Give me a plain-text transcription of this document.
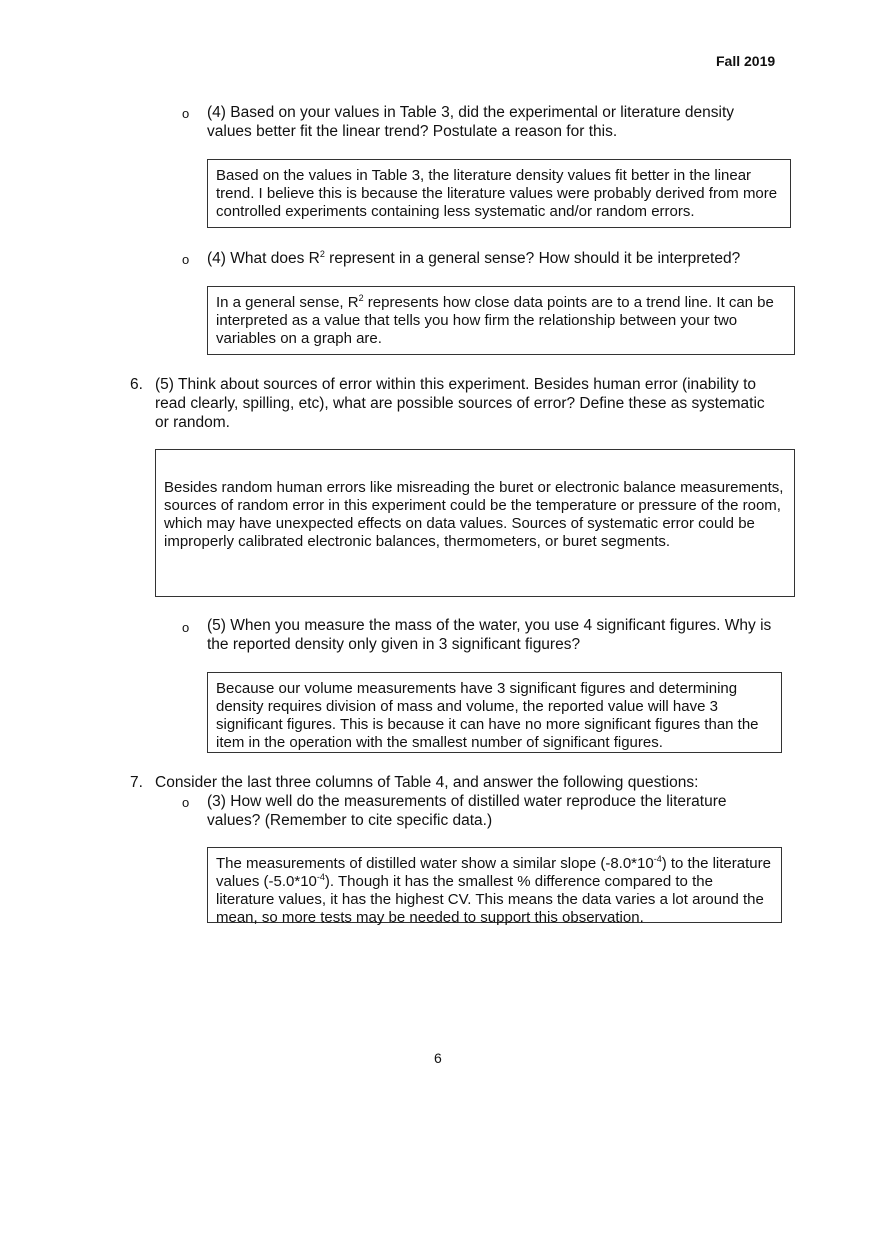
Fall 2019
o (4) Based on your values in Table 3, did the experimental or literature density values better fit the linear trend? Postulate a reason for this.

Based on the values in Table 3, the literature density values fit better in the linear trend. I believe this is because the literature values were probably derived from more controlled experiments containing less systematic and/or random errors.

o (4) What does $R^2$ represent in a general sense? How should it be interpreted?

In a general sense, $R^2$ represents how close data points are to a trend line. It can be interpreted as a value that tells you how firm the relationship between your two variables on a graph are.

6. (5) Think about sources of error within this experiment. Besides human error (inability to read clearly, spilling, etc), what are possible sources of error? Define these as systematic or random.

Besides random human errors like misreading the buret or electronic balance measurements, sources of random error in this experiment could be the temperature or pressure of the room, which may have unexpected effects on data values. Sources of systematic error could be improperly calibrated electronic balances, thermometers, or buret segments.

o (5) When you measure the mass of the water, you use 4 significant figures. Why is the reported density only given in 3 significant figures?

Because our volume measurements have 3 significant figures and determining density requires division of mass and volume, the reported value will have 3 significant figures. This is because it can have no more significant figures than the item in the operation with the smallest number of significant figures.

7. Consider the last three columns of Table 4, and answer the following questions:
o (3) How well do the measurements of distilled water reproduce the literature values? (Remember to cite specific data.)

The measurements of distilled water show a similar slope $(-8.0*10^{-4})$ to the literature values $(-5.0*10^{-4})$. Though it has the smallest % difference compared to the literature values, it has the highest CV. This means the data varies a lot around the mean, so more tests may be needed to support this observation.

6
